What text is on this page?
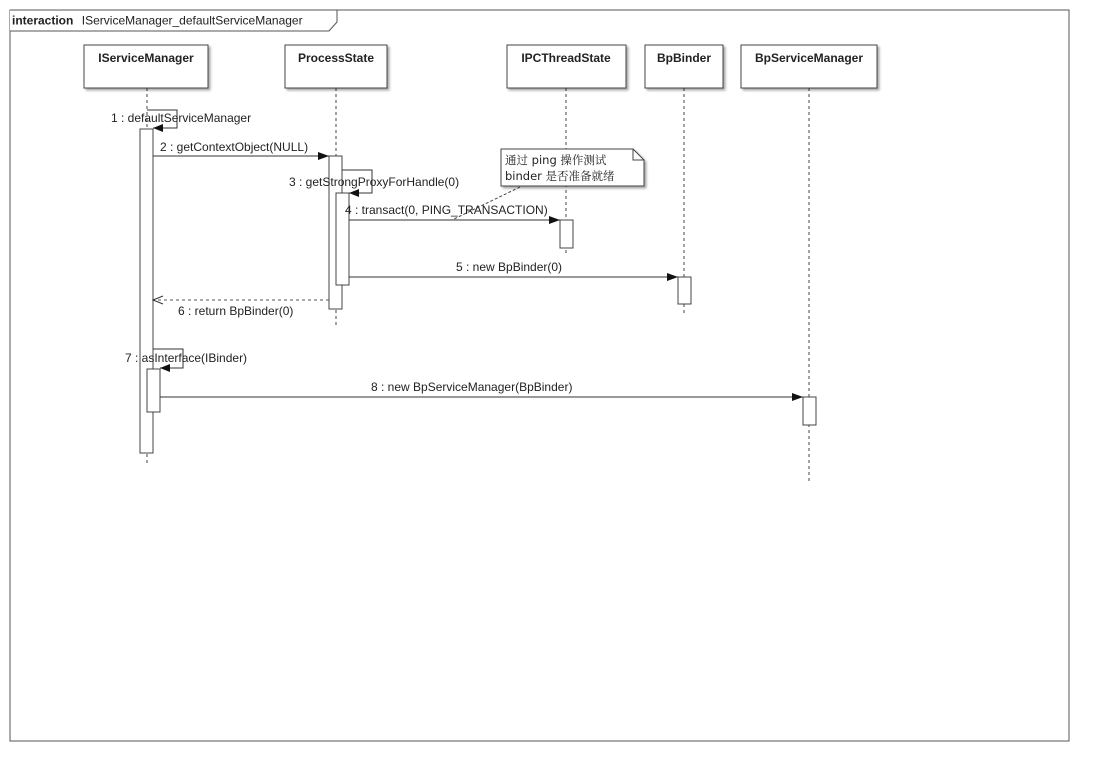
interaction IServiceManager_defaultServiceManager
IServiceManager	ProcessState	IPCThreadState	BpBinder	BpServiceManager
1 : defaultServiceManager
2 : getContextObject(NULL)
3 : getStrongProxyForHandle(0)
4 : transact(0, PING_TRANSACTION)
5 : new BpBinder(0)
6 : return BpBinder(0)
7 : asInterface(IBinder)
8 : new BpServiceManager(BpBinder)
通过 ping 操作测试
binder 是否准备就绪
